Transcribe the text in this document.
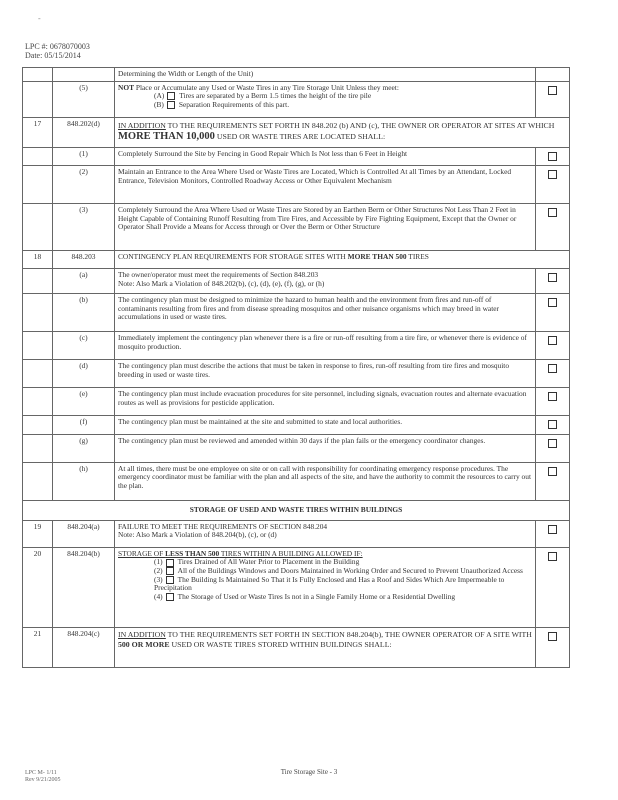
-
LPC #: 0678070003
Date: 05/15/2014
		Determining the Width or Length of the Unit)	
	(5)	NOT Place or Accumulate any Used or Waste Tires in any Tire Storage Unit Unless they meet:
(A) Tires are separated by a Berm 1.5 times the height of the tire pile
(B) Separation Requirements of this part.	

17	848.202(d)	IN ADDITION TO THE REQUIREMENTS SET FORTH IN 848.202 (b) AND (c), THE OWNER OR OPERATOR AT SITES AT WHICH MORE THAN 10,000 USED OR WASTE TIRES ARE LOCATED SHALL:	
	(1)	Completely Surround the Site by Fencing in Good Repair Which Is Not less than 6 Feet in Height	
	(2)	Maintain an Entrance to the Area Where Used or Waste Tires are Located, Which is Controlled At all Times by an Attendant, Locked Entrance, Television Monitors, Controlled Roadway Access or Other Equivalent Mechanism	
	(3)	Completely Surround the Area Where Used or Waste Tires are Stored by an Earthen Berm or Other Structures Not Less Than 2 Feet in Height Capable of Containing Runoff Resulting from Tire Fires, and Accessible by Fire Fighting Equipment, Except that the Owner or Operator Shall Provide a Means for Access through or Over the Berm or Other Structure	
18	848.203	CONTINGENCY PLAN REQUIREMENTS FOR STORAGE SITES WITH MORE THAN 500 TIRES	
	(a)	The owner/operator must meet the requirements of Section 848.203
Note: Also Mark a Violation of 848.202(b), (c), (d), (e), (f), (g), or (h)	

	(b)	The contingency plan must be designed to minimize the hazard to human health and the environment from fires and run-off of contaminants resulting from fires and from disease spreading mosquitos and other nuisance organisms which may breed in water accumulations in used or waste tires.	
	(c)	Immediately implement the contingency plan whenever there is a fire or run-off resulting from a tire fire, or whenever there is evidence of mosquito production.	
	(d)	The contingency plan must describe the actions that must be taken in response to fires, run-off resulting from tire fires and mosquito breeding in used or waste tires.	
	(e)	The contingency plan must include evacuation procedures for site personnel, including signals, evacuation routes and alternate evacuation routes as well as provisions for pesticide application.	
	(f)	The contingency plan must be maintained at the site and submitted to state and local authorities.	
	(g)	The contingency plan must be reviewed and amended within 30 days if the plan fails or the emergency coordinator changes.	
	(h)	At all times, there must be one employee on site or on call with responsibility for coordinating emergency response procedures. The emergency coordinator must be familiar with the plan and all aspects of the site, and have the authority to commit the resources to carry out the plan.	
STORAGE OF USED AND WASTE TIRES WITHIN BUILDINGS			
19	848.204(a)	FAILURE TO MEET THE REQUIREMENTS OF SECTION 848.204
Note: Also Mark a Violation of 848.204(b), (c), or (d)	

20	848.204(b)	STORAGE OF LESS THAN 500 TIRES WITHIN A BUILDING ALLOWED IF:
(1) Tires Drained of All Water Prior to Placement in the Building
(2) All of the Buildings Windows and Doors Maintained in Working Order and Secured to Prevent Unauthorized Access
(3) The Building Is Maintained So That it Is Fully Enclosed and Has a Roof and Sides Which Are Impermeable to Precipitation
(4) The Storage of Used or Waste Tires Is not in a Single Family Home or a Residential Dwelling	

21	848.204(c)	IN ADDITION TO THE REQUIREMENTS SET FORTH IN SECTION 848.204(b), THE OWNER OPERATOR OF A SITE WITH 500 OR MORE USED OR WASTE TIRES STORED WITHIN BUILDINGS SHALL:	
LPC M- 1/11
Rev 9/21/2005
Tire Storage Site - 3
